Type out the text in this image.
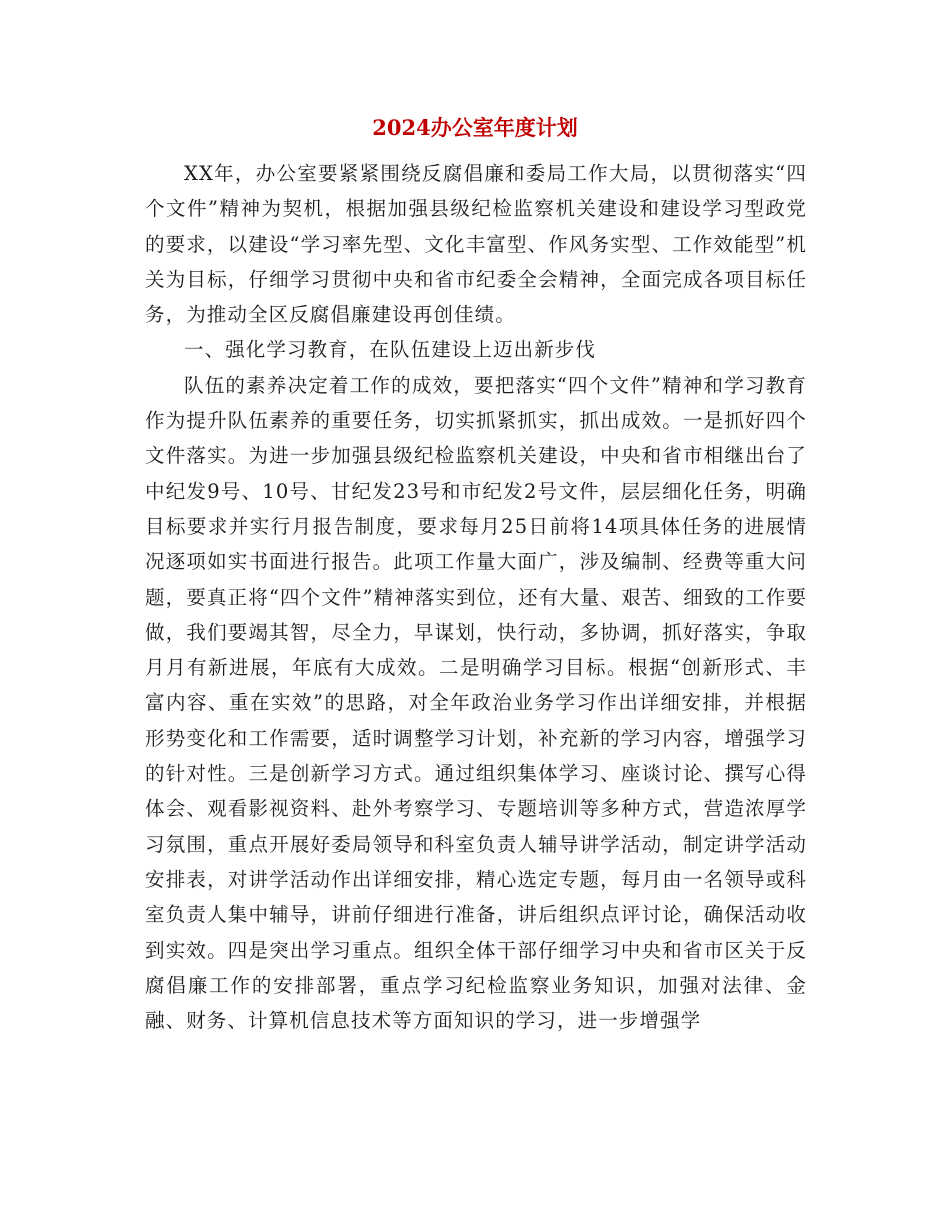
2024办公室年度计划

XX年，办公室要紧紧围绕反腐倡廉和委局工作大局，以贯彻落实“四个文件”精神为契机，根据加强县级纪检监察机关建设和建设学习型政党的要求，以建设“学习率先型、文化丰富型、作风务实型、工作效能型”机关为目标，仔细学习贯彻中央和省市纪委全会精神，全面完成各项目标任务，为推动全区反腐倡廉建设再创佳绩。

一、强化学习教育，在队伍建设上迈出新步伐

队伍的素养决定着工作的成效，要把落实“四个文件”精神和学习教育作为提升队伍素养的重要任务，切实抓紧抓实，抓出成效。一是抓好四个文件落实。为进一步加强县级纪检监察机关建设，中央和省市相继出台了中纪发9号、10号、甘纪发23号和市纪发2号文件，层层细化任务，明确目标要求并实行月报告制度，要求每月25日前将14项具体任务的进展情况逐项如实书面进行报告。此项工作量大面广，涉及编制、经费等重大问题，要真正将“四个文件”精神落实到位，还有大量、艰苦、细致的工作要做，我们要竭其智，尽全力，早谋划，快行动，多协调，抓好落实，争取月月有新进展，年底有大成效。二是明确学习目标。根据“创新形式、丰富内容、重在实效”的思路，对全年政治业务学习作出详细安排，并根据形势变化和工作需要，适时调整学习计划，补充新的学习内容，增强学习的针对性。三是创新学习方式。通过组织集体学习、座谈讨论、撰写心得体会、观看影视资料、赴外考察学习、专题培训等多种方式，营造浓厚学习氛围，重点开展好委局领导和科室负责人辅导讲学活动，制定讲学活动安排表，对讲学活动作出详细安排，精心选定专题，每月由一名领导或科室负责人集中辅导，讲前仔细进行准备，讲后组织点评讨论，确保活动收到实效。四是突出学习重点。组织全体干部仔细学习中央和省市区关于反腐倡廉工作的安排部署，重点学习纪检监察业务知识，加强对法律、金融、财务、计算机信息技术等方面知识的学习，进一步增强学
